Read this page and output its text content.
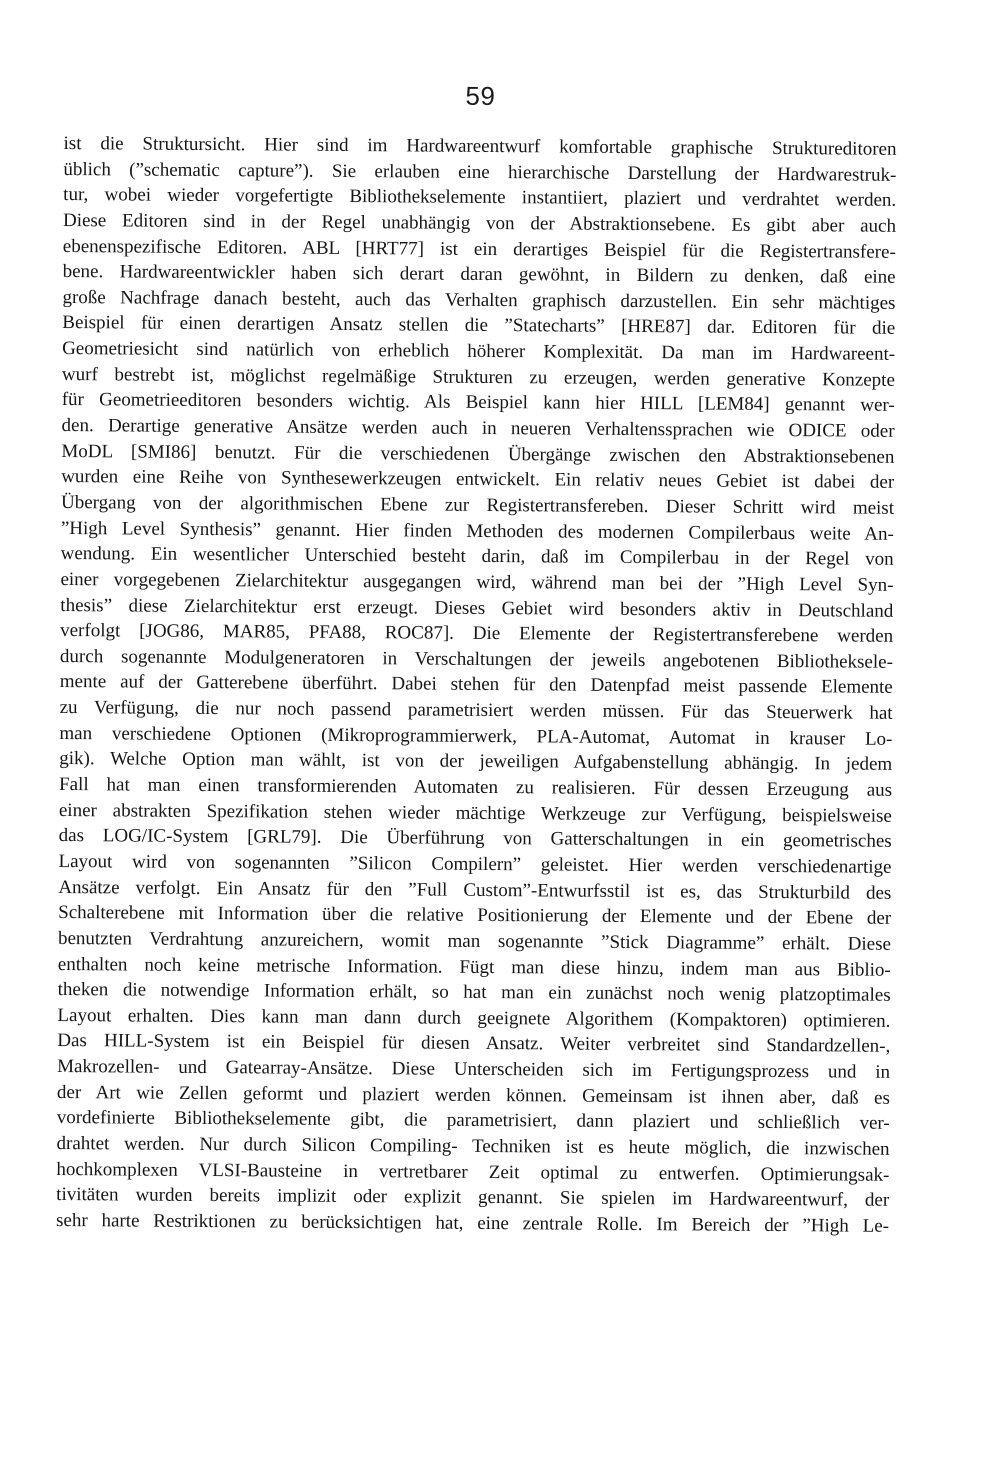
59
ist die Struktursicht. Hier sind im Hardwareentwurf komfortable graphische Struktureditoren
üblich (”schematic capture”). Sie erlauben eine hierarchische Darstellung der Hardwarestruk-
tur, wobei wieder vorgefertigte Bibliothekselemente instantiiert, plaziert und verdrahtet werden.
Diese Editoren sind in der Regel unabhängig von der Abstraktionsebene. Es gibt aber auch
ebenenspezifische Editoren. ABL [HRT77] ist ein derartiges Beispiel für die Registertransfere-
bene. Hardwareentwickler haben sich derart daran gewöhnt, in Bildern zu denken, daß eine
große Nachfrage danach besteht, auch das Verhalten graphisch darzustellen. Ein sehr mächtiges
Beispiel für einen derartigen Ansatz stellen die ”Statecharts” [HRE87] dar. Editoren für die
Geometriesicht sind natürlich von erheblich höherer Komplexität. Da man im Hardwareent-
wurf bestrebt ist, möglichst regelmäßige Strukturen zu erzeugen, werden generative Konzepte
für Geometrieeditoren besonders wichtig. Als Beispiel kann hier HILL [LEM84] genannt wer-
den. Derartige generative Ansätze werden auch in neueren Verhaltenssprachen wie ODICE oder
MoDL [SMI86] benutzt. Für die verschiedenen Übergänge zwischen den Abstraktionsebenen
wurden eine Reihe von Synthesewerkzeugen entwickelt. Ein relativ neues Gebiet ist dabei der
Übergang von der algorithmischen Ebene zur Registertransfereben. Dieser Schritt wird meist
”High Level Synthesis” genannt. Hier finden Methoden des modernen Compilerbaus weite An-
wendung. Ein wesentlicher Unterschied besteht darin, daß im Compilerbau in der Regel von
einer vorgegebenen Zielarchitektur ausgegangen wird, während man bei der ”High Level Syn-
thesis” diese Zielarchitektur erst erzeugt. Dieses Gebiet wird besonders aktiv in Deutschland
verfolgt [JOG86, MAR85, PFA88, ROC87]. Die Elemente der Registertransferebene werden
durch sogenannte Modulgeneratoren in Verschaltungen der jeweils angebotenen Bibliotheksele-
mente auf der Gatterebene überführt. Dabei stehen für den Datenpfad meist passende Elemente
zu Verfügung, die nur noch passend parametrisiert werden müssen. Für das Steuerwerk hat
man verschiedene Optionen (Mikroprogrammierwerk, PLA-Automat, Automat in krauser Lo-
gik). Welche Option man wählt, ist von der jeweiligen Aufgabenstellung abhängig. In jedem
Fall hat man einen transformierenden Automaten zu realisieren. Für dessen Erzeugung aus
einer abstrakten Spezifikation stehen wieder mächtige Werkzeuge zur Verfügung, beispielsweise
das LOG/IC-System [GRL79]. Die Überführung von Gatterschaltungen in ein geometrisches
Layout wird von sogenannten ”Silicon Compilern” geleistet. Hier werden verschiedenartige
Ansätze verfolgt. Ein Ansatz für den ”Full Custom”-Entwurfsstil ist es, das Strukturbild des
Schalterebene mit Information über die relative Positionierung der Elemente und der Ebene der
benutzten Verdrahtung anzureichern, womit man sogenannte ”Stick Diagramme” erhält. Diese
enthalten noch keine metrische Information. Fügt man diese hinzu, indem man aus Biblio-
theken die notwendige Information erhält, so hat man ein zunächst noch wenig platzoptimales
Layout erhalten. Dies kann man dann durch geeignete Algorithem (Kompaktoren) optimieren.
Das HILL-System ist ein Beispiel für diesen Ansatz. Weiter verbreitet sind Standardzellen-,
Makrozellen- und Gatearray-Ansätze. Diese Unterscheiden sich im Fertigungsprozess und in
der Art wie Zellen geformt und plaziert werden können. Gemeinsam ist ihnen aber, daß es
vordefinierte Bibliothekselemente gibt, die parametrisiert, dann plaziert und schließlich ver-
drahtet werden. Nur durch Silicon Compiling- Techniken ist es heute möglich, die inzwischen
hochkomplexen VLSI-Bausteine in vertretbarer Zeit optimal zu entwerfen. Optimierungsak-
tivitäten wurden bereits implizit oder explizit genannt. Sie spielen im Hardwareentwurf, der
sehr harte Restriktionen zu berücksichtigen hat, eine zentrale Rolle. Im Bereich der ”High Le-
